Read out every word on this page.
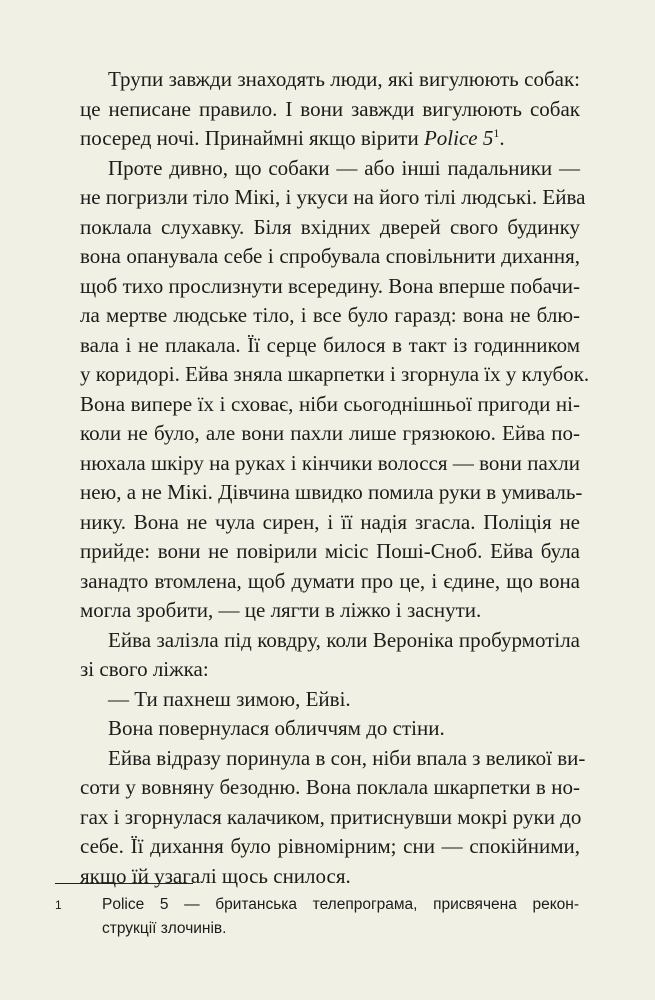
Трупи завжди знаходять люди, які вигулюють собак:
це неписане правило. І вони завжди вигулюють собак
посеред ночі. Принаймні якщо вірити Police $5^1$.
Проте дивно, що собаки — або інші падальники —
не погризли тіло Мікі, і укуси на його тілі людські. Ейва
поклала слухавку. Біля вхідних дверей свого будинку
вона опанувала себе і спробувала сповільнити дихання,
щоб тихо прослизнути всередину. Вона вперше побачи-
ла мертве людське тіло, і все було гаразд: вона не блю-
вала і не плакала. Її серце билося в такт із годинником
у коридорі. Ейва зняла шкарпетки і згорнула їх у клубок.
Вона випере їх і сховає, ніби сьогоднішньої пригоди ні-
коли не було, але вони пахли лише грязюкою. Ейва по-
нюхала шкіру на руках і кінчики волосся — вони пахли
нею, а не Мікі. Дівчина швидко помила руки в умиваль-
нику. Вона не чула сирен, і її надія згасла. Поліція не
прийде: вони не повірили місіс Поші-Сноб. Ейва була
занадто втомлена, щоб думати про це, і єдине, що вона
могла зробити, — це лягти в ліжко і заснути.
Ейва залізла під ковдру, коли Вероніка пробурмотіла
зі свого ліжка:
— Ти пахнеш зимою, Ейві.
Вона повернулася обличчям до стіни.
Ейва відразу поринула в сон, ніби впала з великої ви-
соти у вовняну безодню. Вона поклала шкарпетки в но-
гах і згорнулася калачиком, притиснувши мокрі руки до
себе. Її дихання було рівномірним; сни — спокійними,
якщо їй узагалі щось снилося.
1	Police 5 — британська телепрограма, присвячена рекон-
струкції злочинів.
